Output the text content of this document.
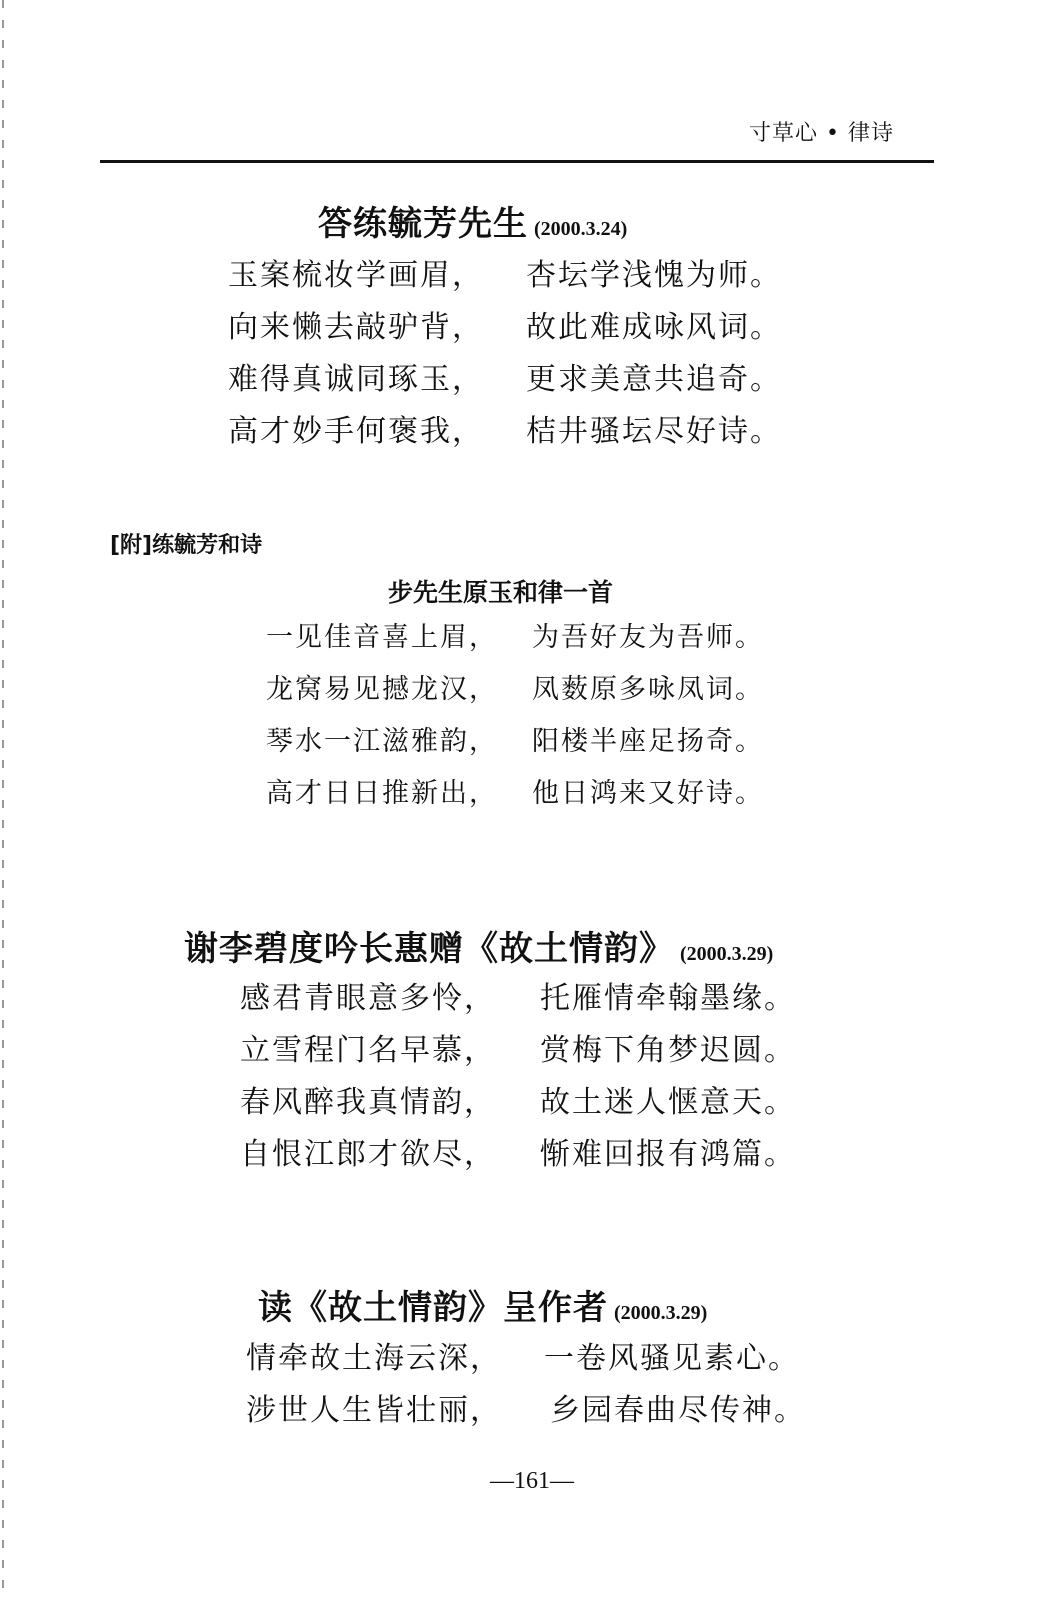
寸草心 • 律诗
答练毓芳先生 (2000.3.24)
玉案梳妆学画眉， 杏坛学浅愧为师。
向来懒去敲驴背， 故此难成咏风词。
难得真诚同琢玉， 更求美意共追奇。
高才妙手何褒我， 桔井骚坛尽好诗。
[附]练毓芳和诗
步先生原玉和律一首
一见佳音喜上眉， 为吾好友为吾师。
龙窝易见撼龙汉， 凤薮原多咏凤词。
琴水一江滋雅韵， 阳楼半座足扬奇。
高才日日推新出， 他日鸿来又好诗。
谢李碧度吟长惠赠《故土情韵》 (2000.3.29)
感君青眼意多怜， 托雁情牵翰墨缘。
立雪程门名早慕， 赏梅下角梦迟圆。
春风醉我真情韵， 故土迷人惬意天。
自恨江郎才欲尽， 惭难回报有鸿篇。
读《故土情韵》呈作者 (2000.3.29)
情牵故土海云深， 一卷风骚见素心。
涉世人生皆壮丽， 乡园春曲尽传神。
—161—
